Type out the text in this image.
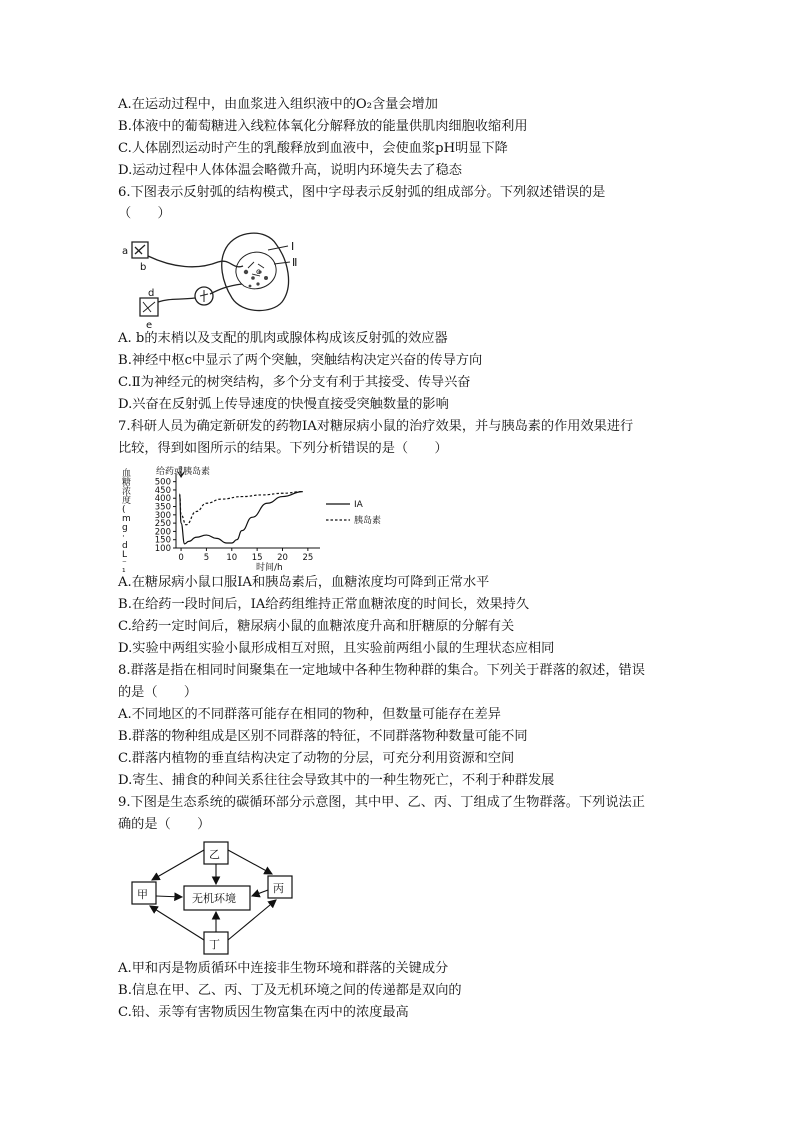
A.在运动过程中，由血浆进入组织液中的O₂含量会增加
B.体液中的葡萄糖进入线粒体氧化分解释放的能量供肌肉细胞收缩利用
C.人体剧烈运动时产生的乳酸释放到血液中，会使血浆pH明显下降
D.运动过程中人体体温会略微升高，说明内环境失去了稳态
6.下图表示反射弧的结构模式，图中字母表示反射弧的组成部分。下列叙述错误的是
（　　）
a
b	c
d
e
Ⅰ
Ⅱ
A. b的末梢以及支配的肌肉或腺体构成该反射弧的效应器
B.神经中枢c中显示了两个突触，突触结构决定兴奋的传导方向
C.Ⅱ为神经元的树突结构，多个分支有利于其接受、传导兴奋
D.兴奋在反射弧上传导速度的快慢直接受突触数量的影响
7.科研人员为确定新研发的药物IA对糖尿病小鼠的治疗效果，并与胰岛素的作用效果进行
比较，得到如图所示的结果。下列分析错误的是（　　）
给药或胰岛素
血
糖
浓
度
(
m
g
·
d
L
⁻
100
150
200
250
300
350
400
450
500
0 5 10 15 20 25
IA
胰岛素
时间/h
A.在糖尿病小鼠口服IA和胰岛素后，血糖浓度均可降到正常水平
B.在给药一段时间后，IA给药组维持正常血糖浓度的时间长，效果持久
C.给药一定时间后，糖尿病小鼠的血糖浓度升高和肝糖原的分解有关
D.实验中两组实验小鼠形成相互对照，且实验前两组小鼠的生理状态应相同
8.群落是指在相同时间聚集在一定地域中各种生物种群的集合。下列关于群落的叙述，错误
的是（　　）
A.不同地区的不同群落可能存在相同的物种，但数量可能存在差异
B.群落的物种组成是区别不同群落的特征，不同群落物种数量可能不同
C.群落内植物的垂直结构决定了动物的分层，可充分利用资源和空间
D.寄生、捕食的种间关系往往会导致其中的一种生物死亡，不利于种群发展
9.下图是生态系统的碳循环部分示意图，其中甲、乙、丙、丁组成了生物群落。下列说法正
确的是（　　）
乙
甲	丙
无机环境
丁
A.甲和丙是物质循环中连接非生物环境和群落的关键成分
B.信息在甲、乙、丙、丁及无机环境之间的传递都是双向的
C.铅、汞等有害物质因生物富集在丙中的浓度最高
